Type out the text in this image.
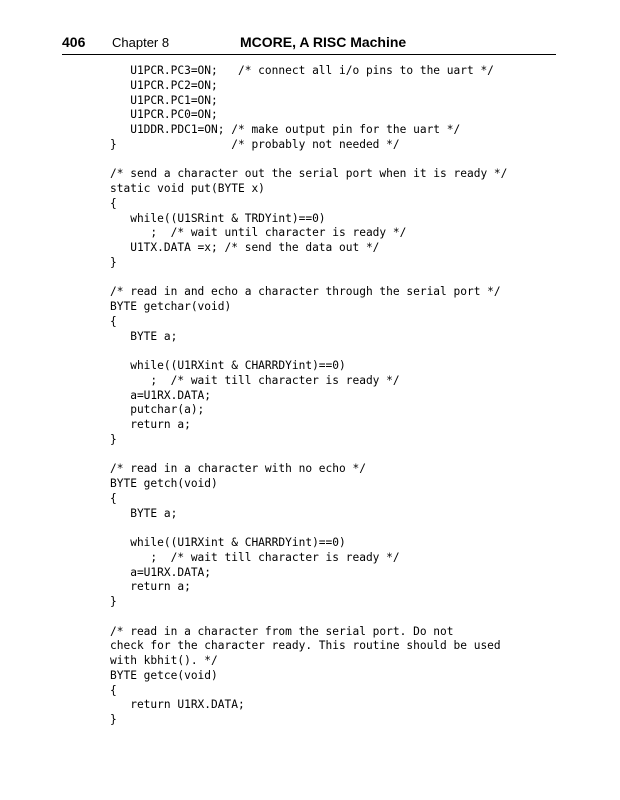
406 Chapter 8	MCORE, A RISC Machine
U1PCR.PC3=ON;   /* connect all i/o pins to the uart */
U1PCR.PC2=ON;
U1PCR.PC1=ON;
U1PCR.PC0=ON;
U1DDR.PDC1=ON; /* make output pin for the uart */
}                 /* probably not needed */
/* send a character out the serial port when it is ready */
static void put(BYTE x)
{
while((U1SRint & TRDYint)==0)
;  /* wait until character is ready */
U1TX.DATA =x; /* send the data out */
}
/* read in and echo a character through the serial port */
BYTE getchar(void)
{
BYTE a;
while((U1RXint & CHARRDYint)==0)
;  /* wait till character is ready */
a=U1RX.DATA;
putchar(a);
return a;
}
/* read in a character with no echo */
BYTE getch(void)
{
BYTE a;
while((U1RXint & CHARRDYint)==0)
;  /* wait till character is ready */
a=U1RX.DATA;
return a;
}
/* read in a character from the serial port. Do not
check for the character ready. This routine should be used
with kbhit(). */
BYTE getce(void)
{
return U1RX.DATA;
}
